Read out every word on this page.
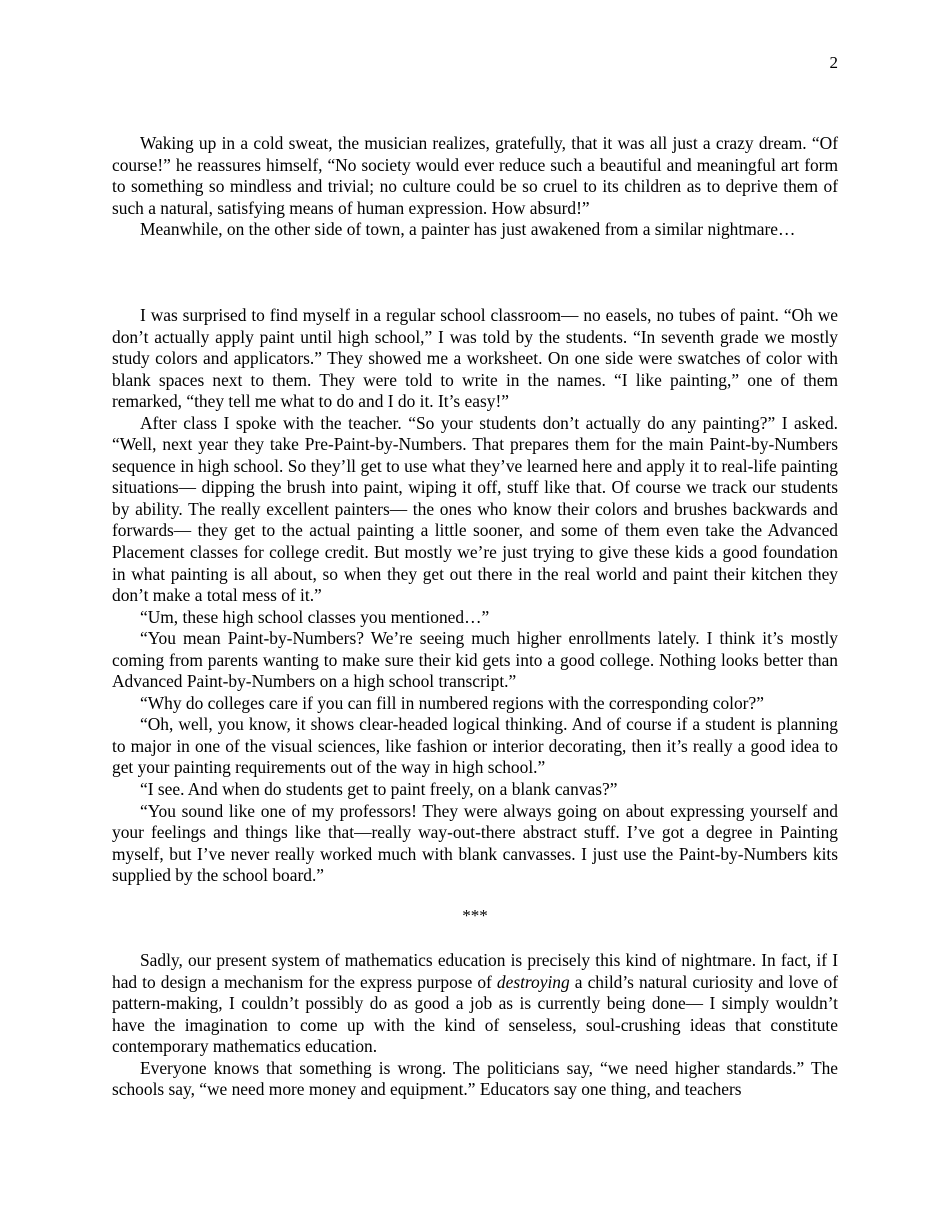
2

Waking up in a cold sweat, the musician realizes, gratefully, that it was all just a crazy dream. “Of course!” he reassures himself, “No society would ever reduce such a beautiful and meaningful art form to something so mindless and trivial; no culture could be so cruel to its children as to deprive them of such a natural, satisfying means of human expression. How absurd!”

Meanwhile, on the other side of town, a painter has just awakened from a similar nightmare…

I was surprised to find myself in a regular school classroom— no easels, no tubes of paint. “Oh we don’t actually apply paint until high school,” I was told by the students. “In seventh grade we mostly study colors and applicators.” They showed me a worksheet. On one side were swatches of color with blank spaces next to them. They were told to write in the names. “I like painting,” one of them remarked, “they tell me what to do and I do it. It’s easy!”

After class I spoke with the teacher. “So your students don’t actually do any painting?” I asked. “Well, next year they take Pre-Paint-by-Numbers. That prepares them for the main Paint-by-Numbers sequence in high school. So they’ll get to use what they’ve learned here and apply it to real-life painting situations— dipping the brush into paint, wiping it off, stuff like that. Of course we track our students by ability. The really excellent painters— the ones who know their colors and brushes backwards and forwards— they get to the actual painting a little sooner, and some of them even take the Advanced Placement classes for college credit. But mostly we’re just trying to give these kids a good foundation in what painting is all about, so when they get out there in the real world and paint their kitchen they don’t make a total mess of it.”

“Um, these high school classes you mentioned…”

“You mean Paint-by-Numbers? We’re seeing much higher enrollments lately. I think it’s mostly coming from parents wanting to make sure their kid gets into a good college. Nothing looks better than Advanced Paint-by-Numbers on a high school transcript.”

“Why do colleges care if you can fill in numbered regions with the corresponding color?”

“Oh, well, you know, it shows clear-headed logical thinking. And of course if a student is planning to major in one of the visual sciences, like fashion or interior decorating, then it’s really a good idea to get your painting requirements out of the way in high school.”

“I see. And when do students get to paint freely, on a blank canvas?”

“You sound like one of my professors! They were always going on about expressing yourself and your feelings and things like that—really way-out-there abstract stuff. I’ve got a degree in Painting myself, but I’ve never really worked much with blank canvasses. I just use the Paint-by-Numbers kits supplied by the school board.”

***

Sadly, our present system of mathematics education is precisely this kind of nightmare. In fact, if I had to design a mechanism for the express purpose of destroying a child’s natural curiosity and love of pattern-making, I couldn’t possibly do as good a job as is currently being done— I simply wouldn’t have the imagination to come up with the kind of senseless, soul-crushing ideas that constitute contemporary mathematics education.

Everyone knows that something is wrong. The politicians say, “we need higher standards.” The schools say, “we need more money and equipment.” Educators say one thing, and teachers
